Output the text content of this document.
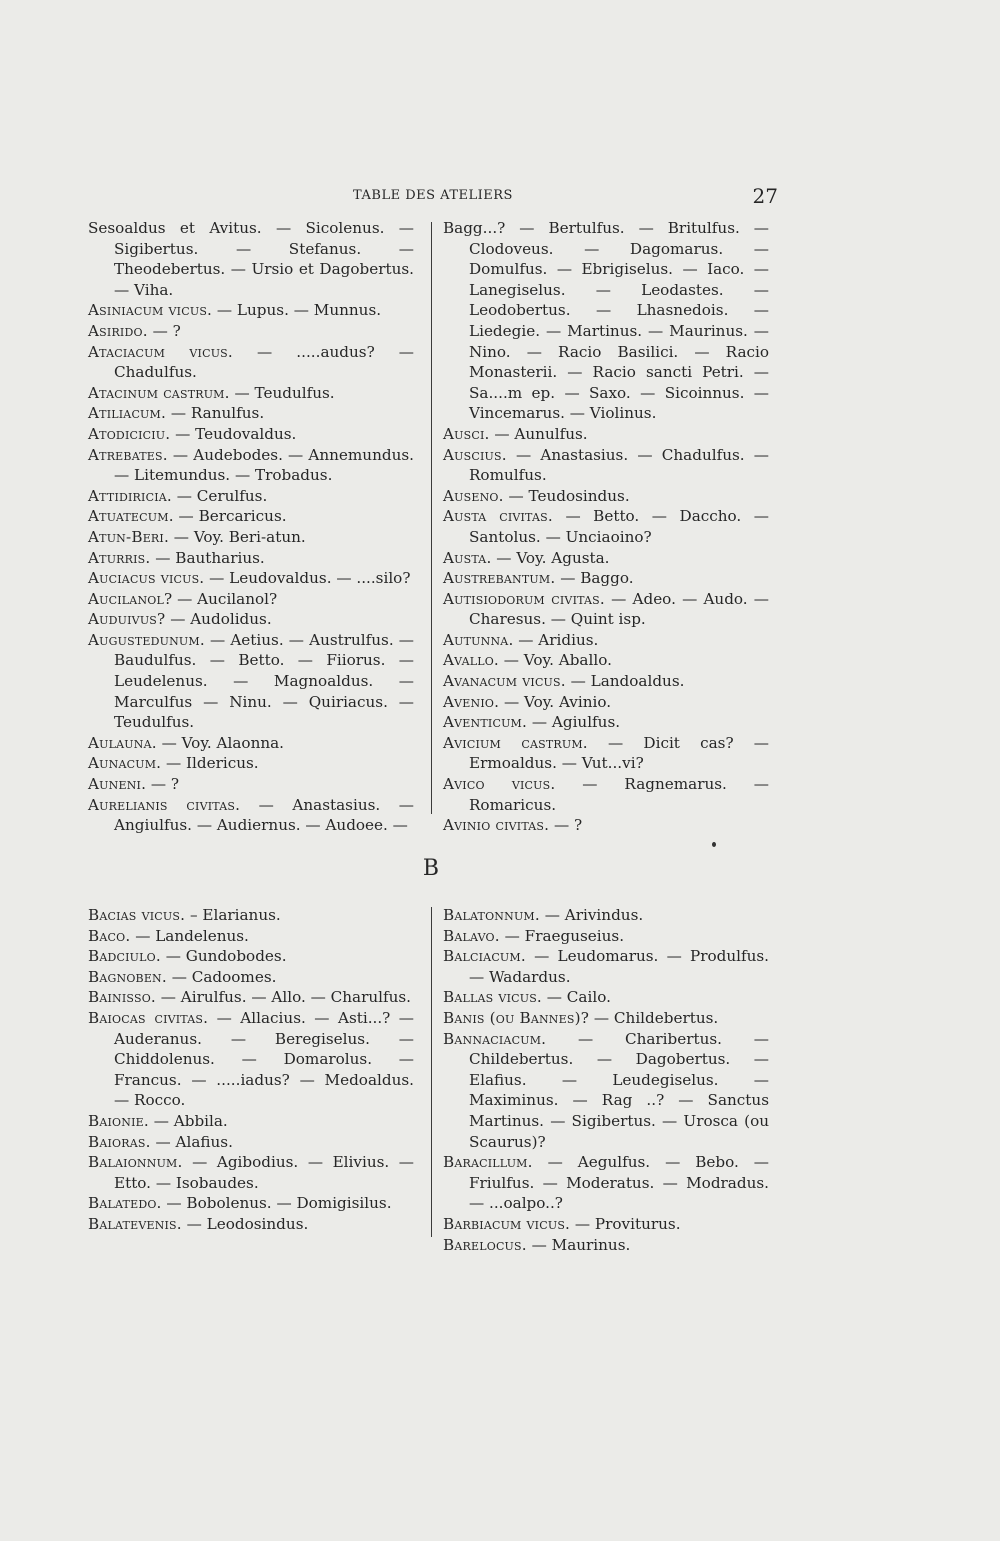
TABLE DES ATELIERS	27

Sesoaldus et Avitus. — Sicolenus. — Sigibertus. — Stefanus. — Theodebertus. — Ursio et Dagobertus. — Viha.

Asiniacum vicus. — Lupus. — Munnus.

Asirido. — ?

Ataciacum vicus. — .....audus? — Chadulfus.

Atacinum castrum. — Teudulfus.

Atiliacum. — Ranulfus.

Atodiciciu. — Teudovaldus.

Atrebates. — Audebodes. — Annemundus. — Litemundus. — Trobadus.

Attidiricia. — Cerulfus.

Atuatecum. — Bercaricus.

Atun-Beri. — Voy. Beri-atun.

Aturris. — Bautharius.

Auciacus vicus. — Leudovaldus. — ....silo?

Aucilanol? — Aucilanol?

Auduivus? — Audolidus.

Augustedunum. — Aetius. — Austrulfus. — Baudulfus. — Betto. — Fiiorus. — Leudelenus. — Magnoaldus. — Marculfus — Ninu. — Quiriacus. — Teudulfus.

Aulauna. — Voy. Alaonna.

Aunacum. — Ildericus.

Auneni. — ?

Aurelianis civitas. — Anastasius. — Angiulfus. — Audiernus. — Audoee. —

Bagg...? — Bertulfus. — Britulfus. — Clodoveus. — Dagomarus. — Domulfus. — Ebrigiselus. — Iaco. — Lanegiselus. — Leodastes. — Leodobertus. — Lhasnedois. — Liedegie. — Martinus. — Maurinus. — Nino. — Racio Basilici. — Racio Monasterii. — Racio sancti Petri. — Sa....m ep. — Saxo. — Sicoinnus. — Vincemarus. — Violinus.

Ausci. — Aunulfus.

Auscius. — Anastasius. — Chadulfus. — Romulfus.

Auseno. — Teudosindus.

Austa civitas. — Betto. — Daccho. — Santolus. — Unciaoino?

Austa. — Voy. Agusta.

Austrebantum. — Baggo.

Autisiodorum civitas. — Adeo. — Audo. — Charesus. — Quint isp.

Autunna. — Aridius.

Avallo. — Voy. Aballo.

Avanacum vicus. — Landoaldus.

Avenio. — Voy. Avinio.

Aventicum. — Agiulfus.

Avicium castrum. — Dicit cas? — Ermoaldus. — Vut...vi?

Avico vicus. — Ragnemarus. — Romaricus.

Avinio civitas. — ?

B

Bacias vicus. – Elarianus.

Baco. — Landelenus.

Badciulo. — Gundobodes.

Bagnoben. — Cadoomes.

Bainisso. — Airulfus. — Allo. — Charulfus.

Baiocas civitas. — Allacius. — Asti...? — Auderanus. — Beregiselus. — Chiddolenus. — Domarolus. — Francus. — .....iadus? — Medoaldus. — Rocco.

Baionie. — Abbila.

Baioras. — Alafius.

Balaionnum. — Agibodius. — Elivius. — Etto. — Isobaudes.

Balatedo. — Bobolenus. — Domigisilus.

Balatevenis. — Leodosindus.

Balatonnum. — Arivindus.

Balavo. — Fraeguseius.

Balciacum. — Leudomarus. — Produlfus. — Wadardus.

Ballas vicus. — Cailo.

Banis (ou Bannes)? — Childebertus.

Bannaciacum. — Charibertus. — Childebertus. — Dagobertus. — Elafius. — Leudegiselus. — Maximinus. — Rag ..? — Sanctus Martinus. — Sigibertus. — Urosca (ou Scaurus)?

Baracillum. — Aegulfus. — Bebo. — Friulfus. — Moderatus. — Modradus. — ...oalpo..?

Barbiacum vicus. — Proviturus.

Barelocus. — Maurinus.
